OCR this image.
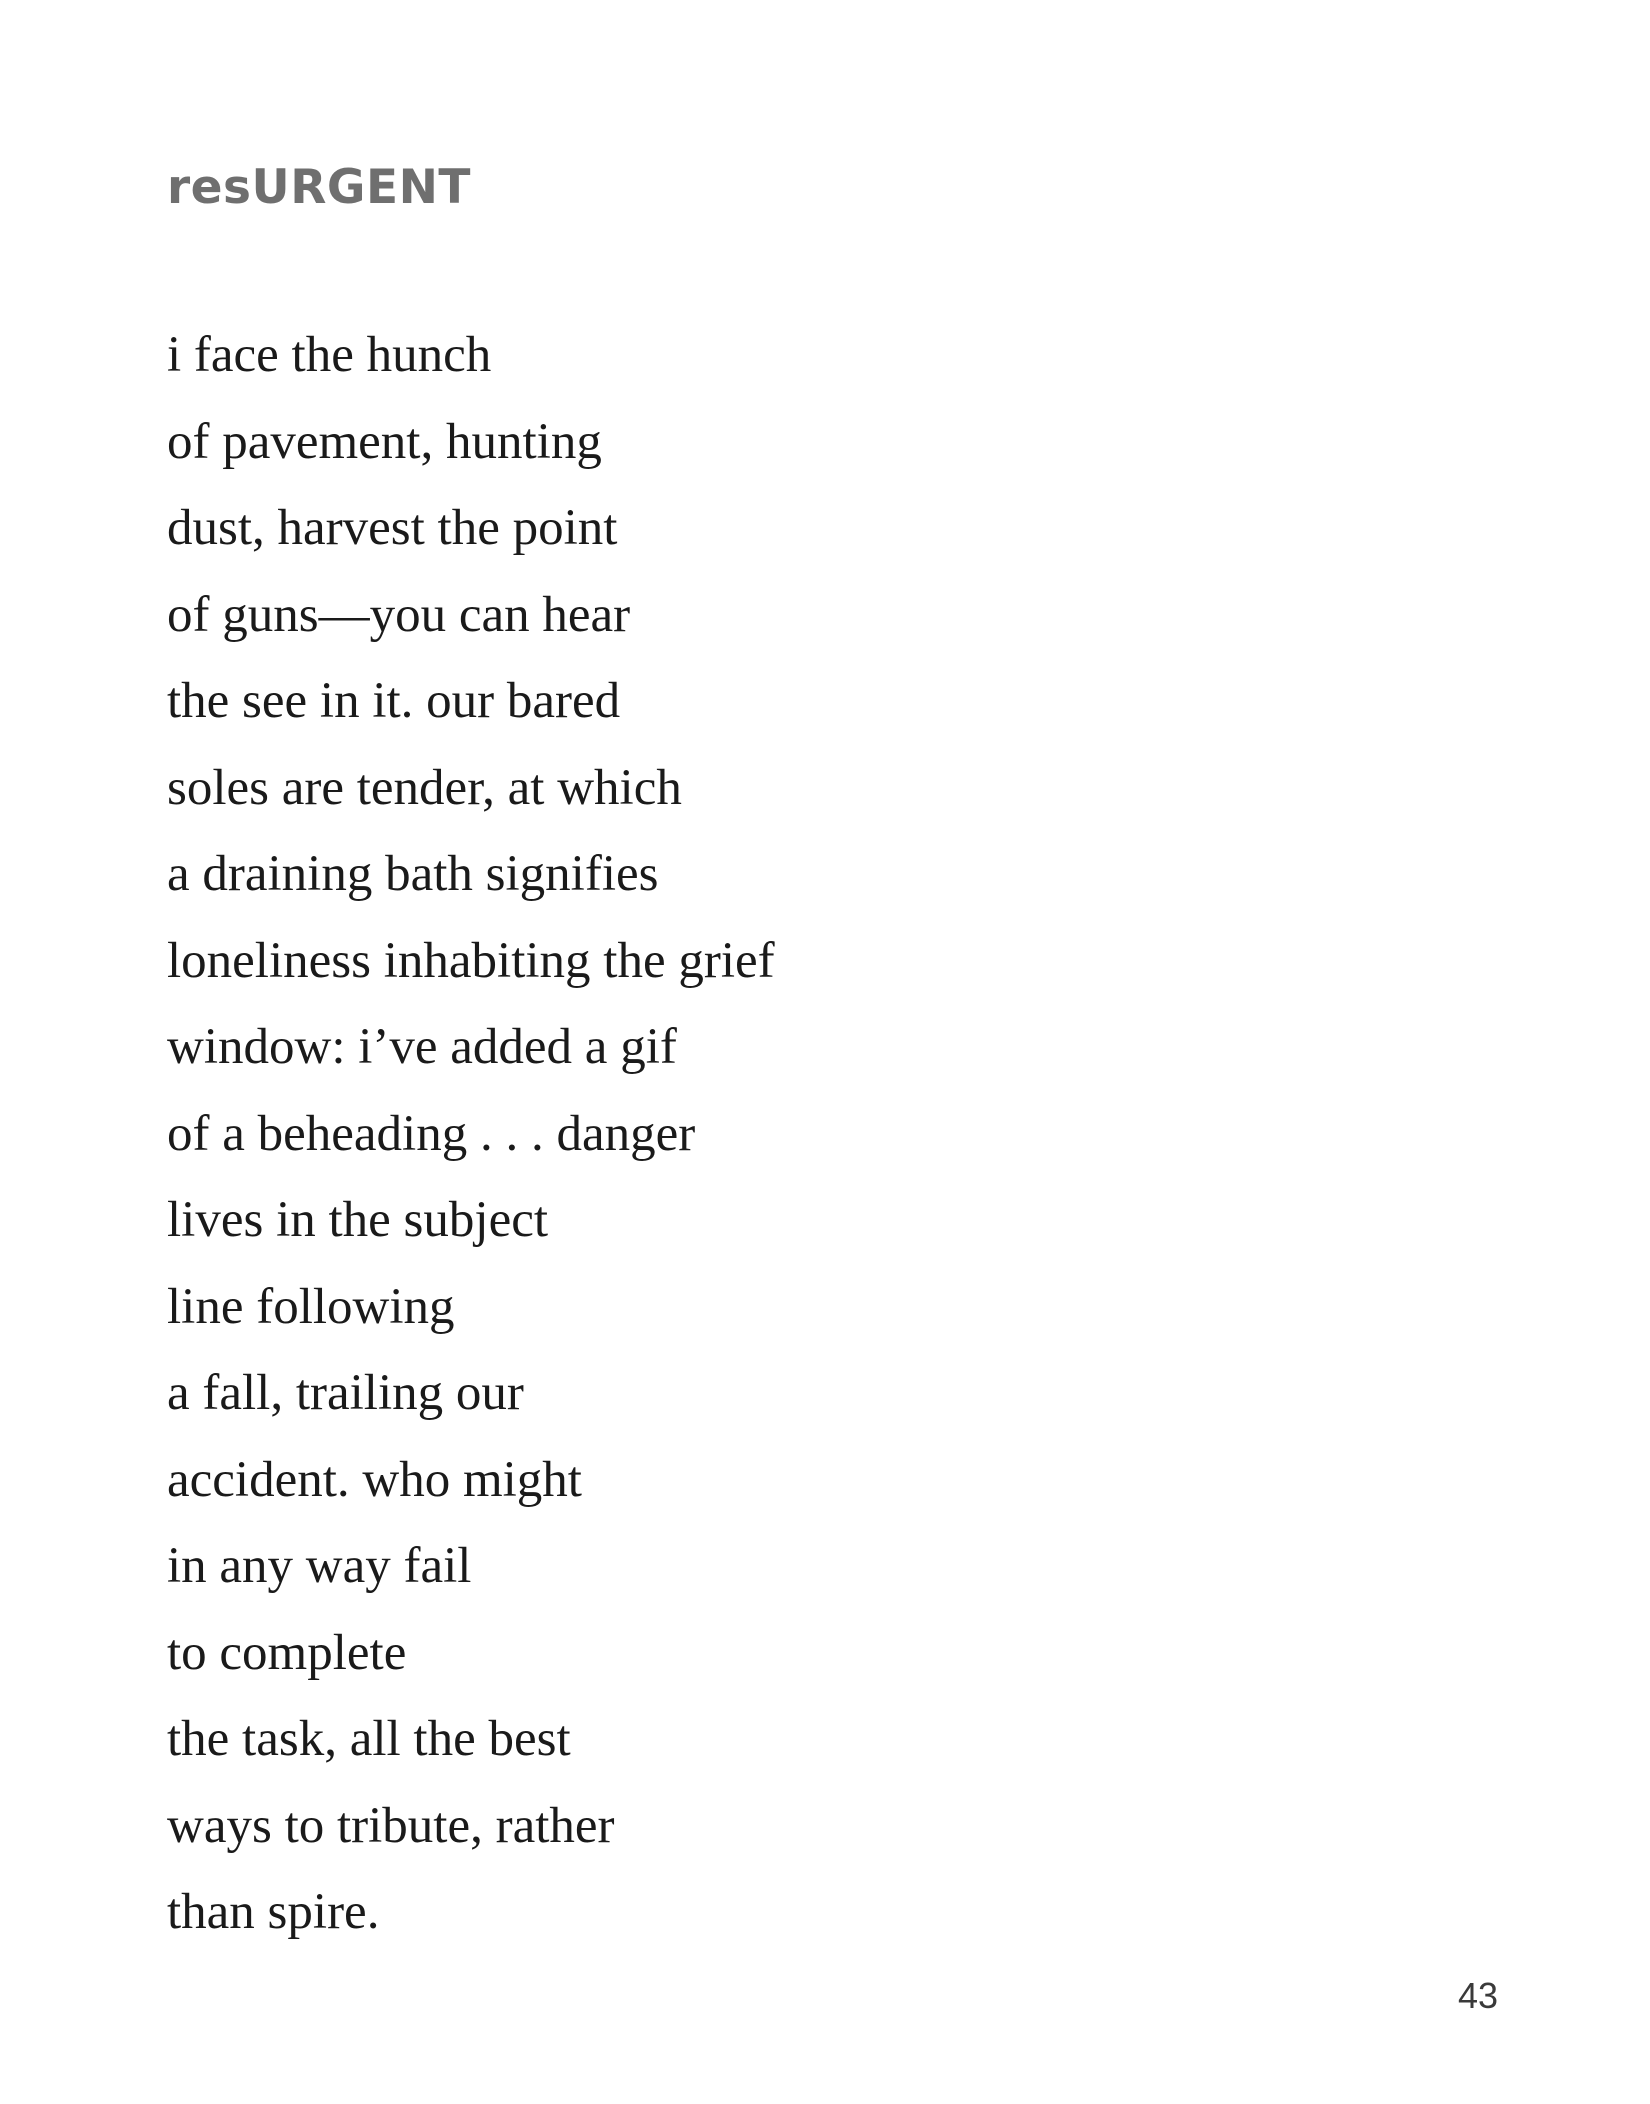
resURGENT
i face the hunch
of pavement, hunting
dust, harvest the point
of guns—you can hear
the see in it. our bared
soles are tender, at which
a draining bath signifies
loneliness inhabiting the grief
window: i’ve added a gif
of a beheading . . . danger
lives in the subject
line following
a fall, trailing our
accident. who might
in any way fail
to complete
the task, all the best
ways to tribute, rather
than spire.
43
